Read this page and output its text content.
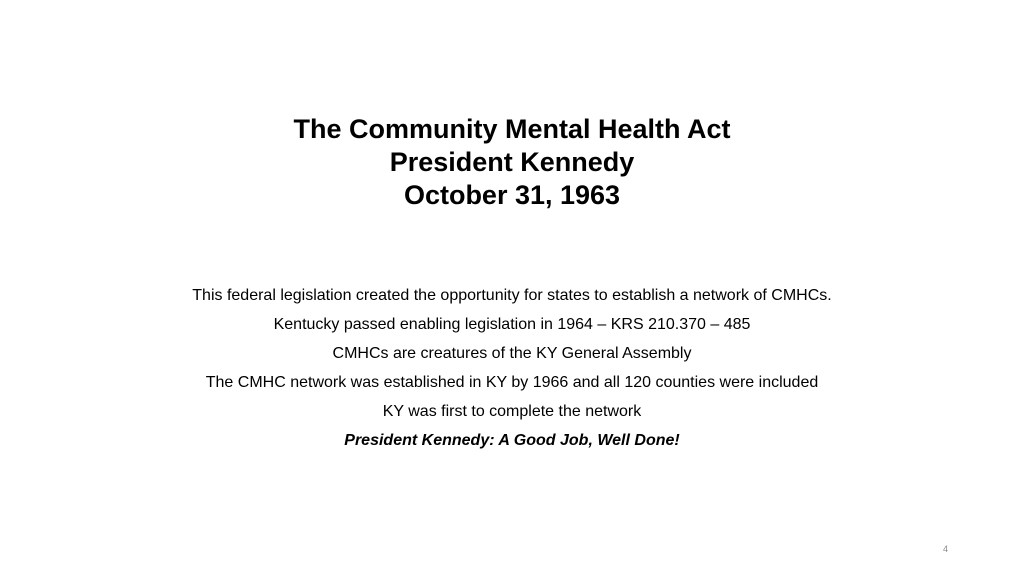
The Community Mental Health Act

President Kennedy

October 31, 1963

This federal legislation created the opportunity for states to establish a network of CMHCs.

Kentucky passed enabling legislation in 1964 – KRS 210.370 – 485

CMHCs are creatures of the KY General Assembly

The CMHC network was established in KY by 1966 and all 120 counties were included

KY was first to complete the network

President Kennedy: A Good Job, Well Done!

4
